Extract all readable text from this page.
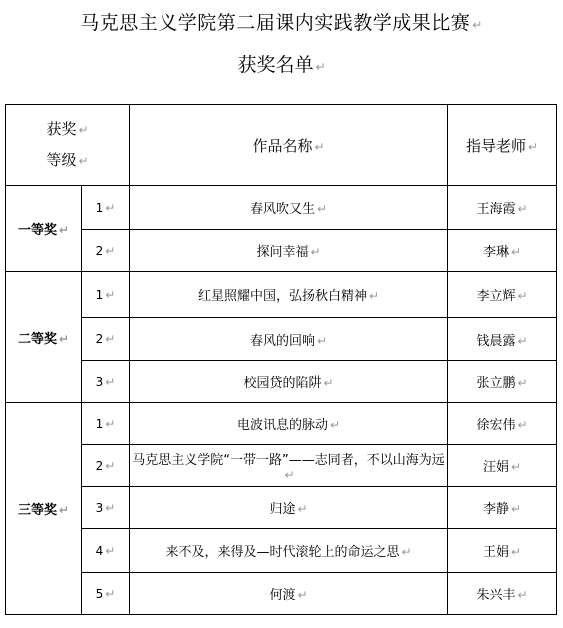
马克思主义学院第二届课内实践教学成果比赛 ↵
获奖名单 ↵
获奖 ↵
等级 ↵		作品名称 ↵	指导老师 ↵
一等奖 ↵	1 ↵	春风吹又生 ↵	王海霞 ↵
	2 ↵	探问幸福 ↵	李琳 ↵
二等奖 ↵	1 ↵	红星照耀中国，弘扬秋白精神 ↵	李立辉 ↵
	2 ↵	春风的回响 ↵	钱晨露 ↵
	3 ↵	校园贷的陷阱 ↵	张立鹏 ↵
三等奖 ↵	1 ↵	电波讯息的脉动 ↵	徐宏伟 ↵
	2 ↵	马克思主义学院“一带一路”——志同者，不以山海为远↵	汪娟 ↵
	3 ↵	归途 ↵	李静 ↵
	4 ↵	来不及，来得及—时代滚轮上的命运之思 ↵	王娟 ↵
	5 ↵	何渡 ↵	朱兴丰 ↵
